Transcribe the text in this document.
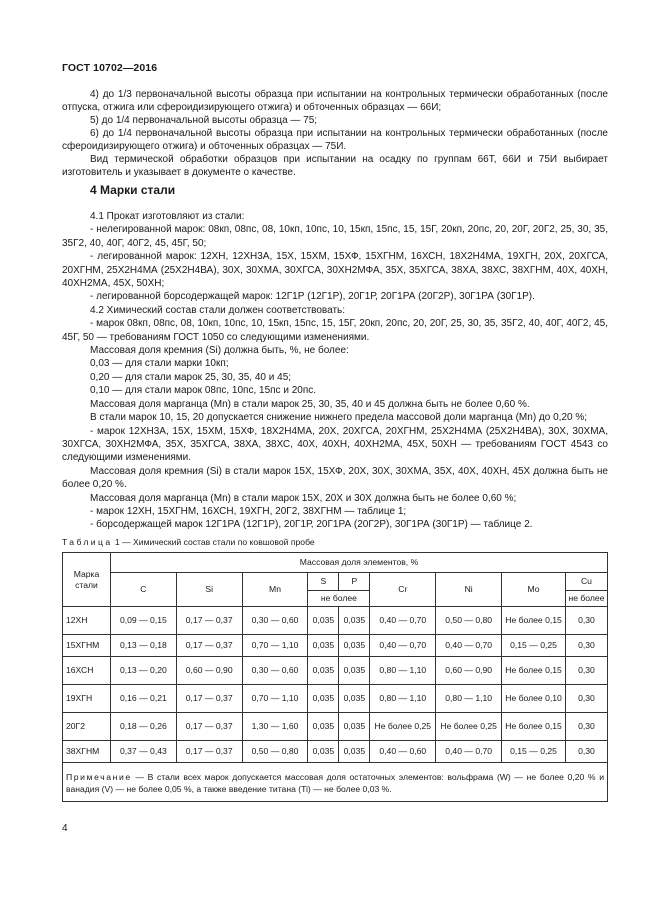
ГОСТ 10702—2016

4) до 1/3 первоначальной высоты образца при испытании на контрольных термически обработанных (после отпуска, отжига или сфероидизирующего отжига) и обточенных образцах — 66И;

5) до 1/4 первоначальной высоты образца — 75;

6) до 1/4 первоначальной высоты образца при испытании на контрольных термически обработанных (после сфероидизирующего отжига) и обточенных образцах — 75И.

Вид термической обработки образцов при испытании на осадку по группам 66Т, 66И и 75И выбирает изготовитель и указывает в документе о качестве.

4 Марки стали

4.1 Прокат изготовляют из стали:

- нелегированной марок: 08кп, 08пс, 08, 10кп, 10пс, 10, 15кп, 15пс, 15, 15Г, 20кп, 20пс, 20, 20Г, 20Г2, 25, 30, 35, 35Г2, 40, 40Г, 40Г2, 45, 45Г, 50;

- легированной марок: 12ХН, 12ХН3А, 15Х, 15ХМ, 15ХФ, 15ХГНМ, 16ХСН, 18Х2Н4МА, 19ХГН, 20Х, 20ХГСА, 20ХГНМ, 25Х2Н4МА (25Х2Н4ВА), 30Х, 30ХМА, 30ХГСА, 30ХН2МФА, 35Х, 35ХГСА, 38ХА, 38ХС, 38ХГНМ, 40Х, 40ХН, 40ХН2МА, 45Х, 50ХН;

- легированной борсодержащей марок: 12Г1Р (12Г1Р), 20Г1Р, 20Г1РА (20Г2Р), 30Г1РА (30Г1Р).

4.2 Химический состав стали должен соответствовать:

- марок 08кп, 08пс, 08, 10кп, 10пс, 10, 15кп, 15пс, 15, 15Г, 20кп, 20пс, 20, 20Г, 25, 30, 35, 35Г2, 40, 40Г, 40Г2, 45, 45Г, 50 — требованиям ГОСТ 1050 со следующими изменениями.

Массовая доля кремния (Si) должна быть, %, не более:

0,03 — для стали марки 10кп;

0,20 — для стали марок 25, 30, 35, 40 и 45;

0,10 — для стали марок 08пс, 10пс, 15пс и 20пс.

Массовая доля марганца (Mn) в стали марок 25, 30, 35, 40 и 45 должна быть не более 0,60 %.

В стали марок 10, 15, 20 допускается снижение нижнего предела массовой доли марганца (Mn) до 0,20 %;

- марок 12ХН3А, 15Х, 15ХМ, 15ХФ, 18Х2Н4МА, 20Х, 20ХГСА, 20ХГНМ, 25Х2Н4МА (25Х2Н4ВА), 30Х, 30ХМА, 30ХГСА, 30ХН2МФА, 35Х, 35ХГСА, 38ХА, 38ХС, 40Х, 40ХН, 40ХН2МА, 45Х, 50ХН — требованиям ГОСТ 4543 со следующими изменениями.

Массовая доля кремния (Si) в стали марок 15Х, 15ХФ, 20Х, 30Х, 30ХМА, 35Х, 40Х, 40ХН, 45Х должна быть не более 0,20 %.

Массовая доля марганца (Mn) в стали марок 15Х, 20Х и 30Х должна быть не более 0,60 %;

- марок 12ХН, 15ХГНМ, 16ХСН, 19ХГН, 20Г2, 38ХГНМ — таблице 1;

- борсодержащей марок 12Г1РА (12Г1Р), 20Г1Р, 20Г1РА (20Г2Р), 30Г1РА (30Г1Р) — таблице 2.

Таблица 1 — Химический состав стали по ковшовой пробе
Марка стали	Массовая доля элементов, %								
	C	Si	Mn	S	P	Cr	Ni	Mo	Cu
				не более					не более
12ХН	0,09 — 0,15	0,17 — 0,37	0,30 — 0,60	0,035	0,035	0,40 — 0,70	0,50 — 0,80	Не более 0,15	0,30
15ХГНМ	0,13 — 0,18	0,17 — 0,37	0,70 — 1,10	0,035	0,035	0,40 — 0,70	0,40 — 0,70	0,15 — 0,25	0,30
16ХСН	0,13 — 0,20	0,60 — 0,90	0,30 — 0,60	0,035	0,035	0,80 — 1,10	0,60 — 0,90	Не более 0,15	0,30
19ХГН	0,16 — 0,21	0,17 — 0,37	0,70 — 1,10	0,035	0,035	0,80 — 1,10	0,80 — 1,10	Не более 0,10	0,30
20Г2	0,18 — 0,26	0,17 — 0,37	1,30 — 1,60	0,035	0,035	Не более 0,25	Не более 0,25	Не более 0,15	0,30
38ХГНМ	0,37 — 0,43	0,17 — 0,37	0,50 — 0,80	0,035	0,035	0,40 — 0,60	0,40 — 0,70	0,15 — 0,25	0,30
Примечание — В стали всех марок допускается массовая доля остаточных элементов: вольфрама (W) — не более 0,20 % и ванадия (V) — не более 0,05 %, а также введение титана (Ti) — не более 0,03 %.									
4
